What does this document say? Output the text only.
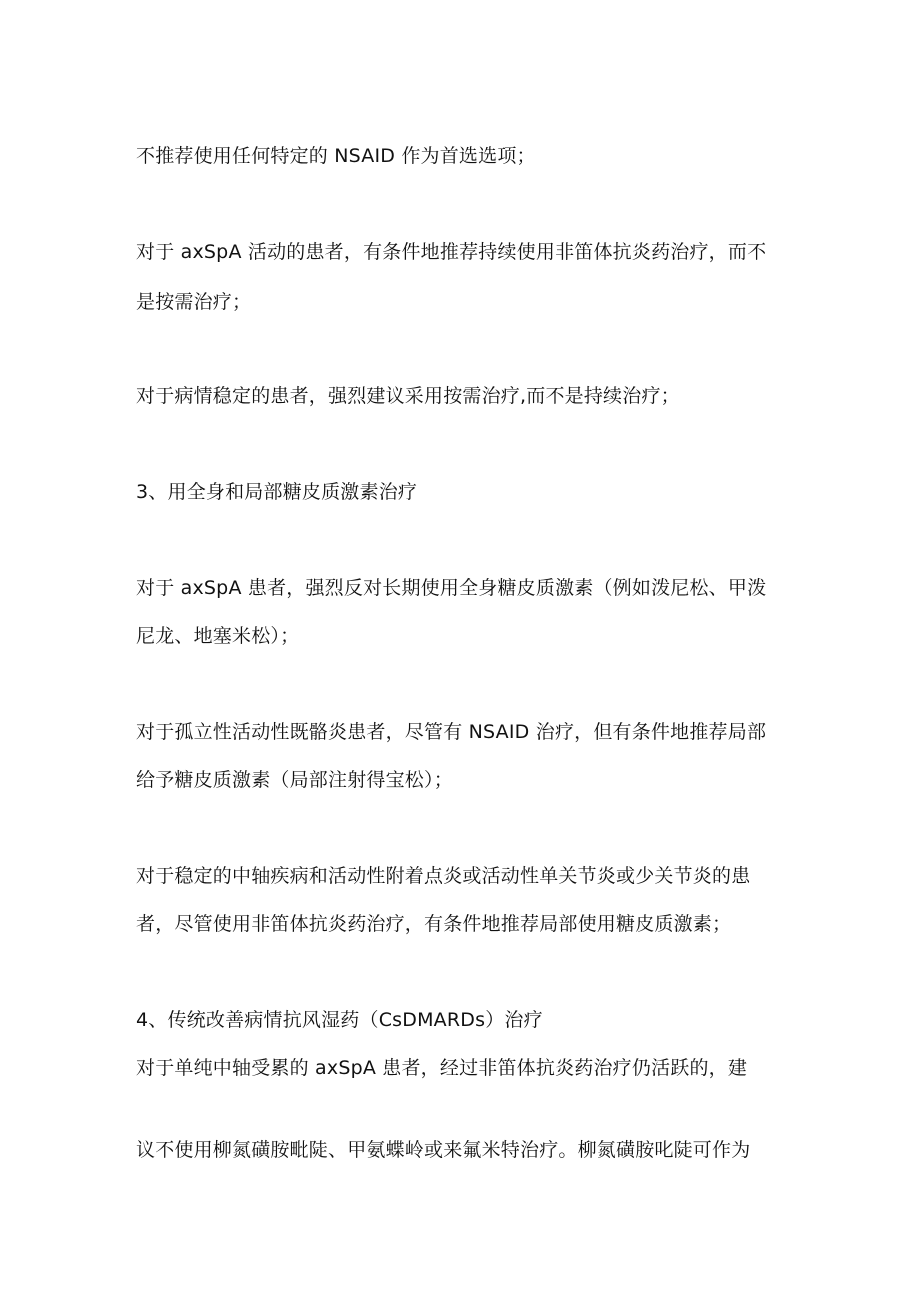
不推荐使用任何特定的 NSAID 作为首选选项；
对于 axSpA 活动的患者，有条件地推荐持续使用非笛体抗炎药治疗，而不
是按需治疗；
对于病情稳定的患者，强烈建议采用按需治疗,而不是持续治疗；
3、用全身和局部糖皮质激素治疗
对于 axSpA 患者，强烈反对长期使用全身糖皮质激素（例如泼尼松、甲泼
尼龙、地塞米松）；
对于孤立性活动性既骼炎患者，尽管有 NSAID 治疗，但有条件地推荐局部
给予糖皮质激素（局部注射得宝松）；
对于稳定的中轴疾病和活动性附着点炎或活动性单关节炎或少关节炎的患
者，尽管使用非笛体抗炎药治疗，有条件地推荐局部使用糖皮质激素；
4、传统改善病情抗风湿药（CsDMARDs）治疗
对于单纯中轴受累的 axSpA 患者，经过非笛体抗炎药治疗仍活跃的，建
议不使用柳氮磺胺毗陡、甲氨蝶岭或来氟米特治疗。柳氮磺胺叱陡可作为
